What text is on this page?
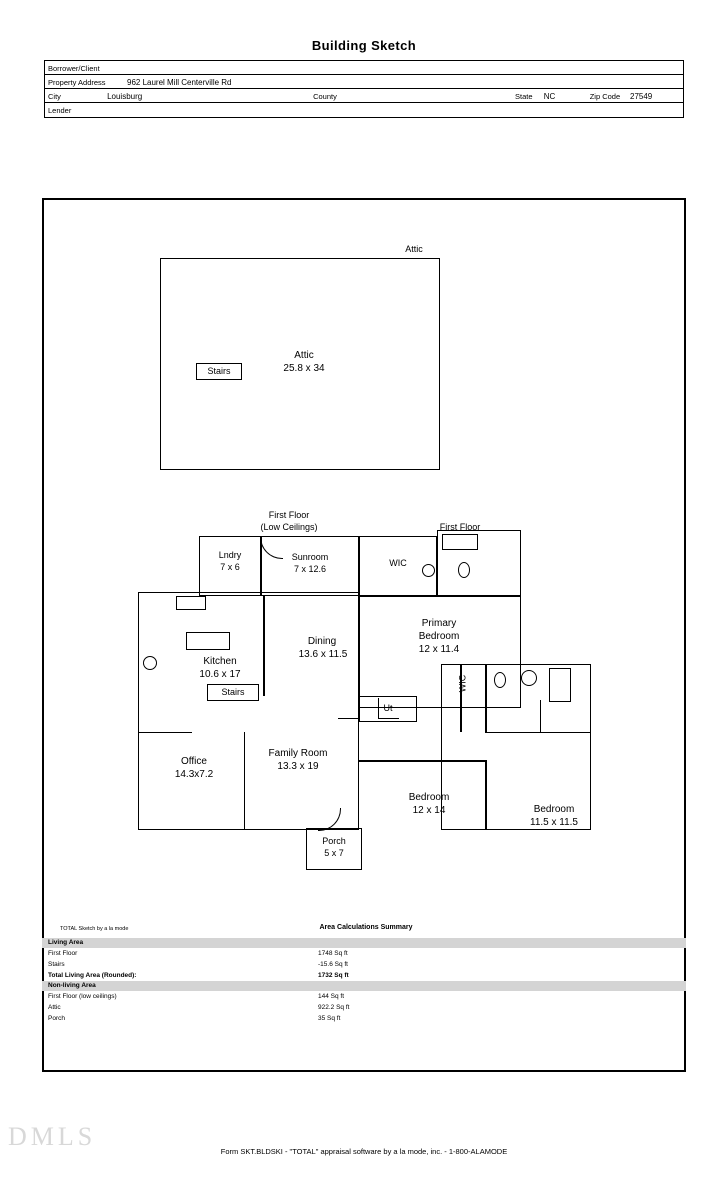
Building Sketch
Borrower/Client
Property Address	962 Laurel Mill Centerville Rd
City	Louisburg	County	State	NC	Zip Code	27549
Lender
Attic
Attic
25.8 x 34
Stairs
First Floor
(Low Ceilings)	First Floor
Lndry
7 x 6
Sunroom
7 x 12.6
WIC
Kitchen
10.6 x 17
Stairs
Dining
13.6 x 11.5
Office
14.3x7.2
Family Room
13.3 x 19
Primary
Bedroom
12 x 11.4
Ut
WIC
Bedroom
12 x 14	Bedroom
11.5 x 11.5
Porch
5 x 7
TOTAL Sketch by a la mode	Area Calculations Summary
Living Area
First Floor	1748 Sq ft
Stairs	-15.6 Sq ft
Total Living Area (Rounded):	1732 Sq ft
Non-living Area
First Floor (low ceilings)	144 Sq ft
Attic	922.2 Sq ft
Porch	35 Sq ft
DMLS
Form SKT.BLDSKI - "TOTAL" appraisal software by a la mode, inc. - 1-800-ALAMODE
